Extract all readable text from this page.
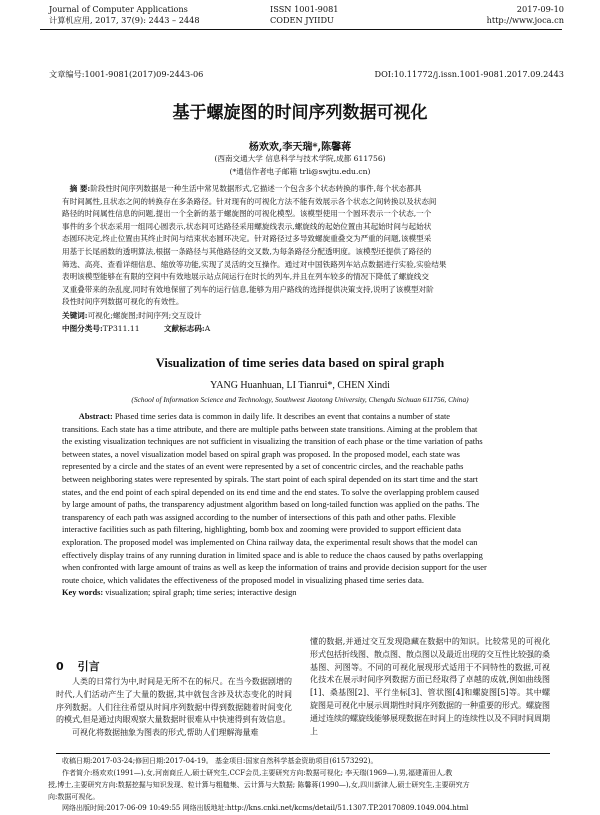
Journal of Computer Applications
计算机应用, 2017, 37(9): 2443 – 2448
ISSN 1001-9081
CODEN JYIIDU
2017-09-10
http://www.joca.cn
文章编号:1001-9081(2017)09-2443-06	DOI:10.11772/j.issn.1001-9081.2017.09.2443
基于螺旋图的时间序列数据可视化
杨欢欢,李天瑞*,陈馨蒋
(西南交通大学 信息科学与技术学院,成都 611756)
(*通信作者电子邮箱 trli@swjtu.edu.cn)

摘 要:阶段性时间序列数据是一种生活中常见数据形式,它描述一个包含多个状态转换的事件,每个状态都具

有时间属性,且状态之间的转换存在多条路径。针对现有的可视化方法不能有效展示各个状态之间转换以及状态间

路径的时间属性信息的问题,提出一个全新的基于螺旋图的可视化模型。该模型使用一个圆环表示一个状态,一个

事件的多个状态采用一组同心圆表示,状态间可达路径采用螺旋线表示,螺旋线的起始位置由其起始时间与起始状

态圆环决定,终止位置由其终止时间与结束状态圆环决定。针对路径过多导致螺旋重叠交为严重的问题,该模型采

用基于长尾函数的透明算法,根据一条路径与其他路径的交叉数,为每条路径分配透明度。该模型还提供了路径的

筛选、高亮、查看详细信息、缩放等功能,实现了灵活的交互操作。通过对中国铁路列车站点数据进行实验,实验结果

表明该模型能够在有限的空间中有效地展示站点间运行在时长的列车,并且在列车较多的情况下降低了螺旋线交

叉重叠带来的杂乱度,同时有效地保留了列车的运行信息,能够为用户路线的选择提供决策支持,说明了该模型对阶

段性时间序列数据可视化的有效性。

关键词:可视化;螺旋图;时间序列;交互设计

中图分类号:TP311.11	文献标志码:A

Visualization of time series data based on spiral graph
YANG Huanhuan, LI Tianrui*, CHEN Xindi
(School of Information Science and Technology, Southwest Jiaotong University, Chengdu Sichuan 611756, China)

Abstract: Phased time series data is common in daily life. It describes an event that contains a number of state

transitions. Each state has a time attribute, and there are multiple paths between state transitions. Aiming at the problem that

the existing visualization techniques are not sufficient in visualizing the transition of each phase or the time variation of paths

between states, a novel visualization model based on spiral graph was proposed. In the proposed model, each state was

represented by a circle and the states of an event were represented by a set of concentric circles, and the reachable paths

between neighboring states were represented by spirals. The start point of each spiral depended on its start time and the start

states, and the end point of each spiral depended on its end time and the end states. To solve the overlapping problem caused

by large amount of paths, the transparency adjustment algorithm based on long-tailed function was applied on the paths. The

transparency of each path was assigned according to the number of intersections of this path and other paths. Flexible

interactive facilities such as path filtering, highlighting, bomb box and zooming were provided to support efficient data

exploration. The proposed model was implemented on China railway data, the experimental result shows that the model can

effectively display trains of any running duration in limited space and is able to reduce the chaos caused by paths overlapping

when confronted with large amount of trains as well as keep the information of trains and provide decision support for the user

route choice, which validates the effectiveness of the proposed model in visualizing phased time series data.

Key words: visualization; spiral graph; time series; interactive design

0 引言

人类的日常行为中,时间是无所不在的标尺。在当今数据剧增的时代,人们活动产生了大量的数据,其中就包含涉及状态变化的时间序列数据。人们往往希望从时间序列数据中得到数据随着时间变化的模式,但是通过肉眼观察大量数据时很难从中快速得到有效信息。

可视化将数据抽象为图表的形式,帮助人们理解海量难

懂的数据,并通过交互发现隐藏在数据中的知识。比较常见的可视化形式包括折线图、散点图、散点图以及最近出现的交互性比较强的桑基图、河图等。不同的可视化展现形式适用于不同特性的数据,可视化技术在展示时间序列数据方面已经取得了卓越的成就,例如曲线图[1]、桑基图[2]、平行坐标[3]、管状图[4]和螺旋图[5]等。其中螺旋图是可视化中展示周期性时间序列数据的一种重要的形式。螺旋图通过连续的螺旋线能够展现数据在时间上的连续性以及不同时间周期上

收稿日期:2017-03-24;修回日期:2017-04-19。 基金项目:国家自然科学基金资助项目(61573292)。
作者简介:杨欢欢(1991—),女,河南商丘人,硕士研究生,CCF会员,主要研究方向:数据可视化; 李天瑞(1969—),男,福建莆田人,教
授,博士,主要研究方向:数据挖掘与知识发现、粒计算与粗糙集、云计算与大数据; 陈馨蒋(1990—),女,四川新津人,硕士研究生,主要研究方
向:数据可视化。
网络出版时间:2017-06-09 10:49:55 网络出版地址:http://kns.cnki.net/kcms/detail/51.1307.TP.20170809.1049.004.html
